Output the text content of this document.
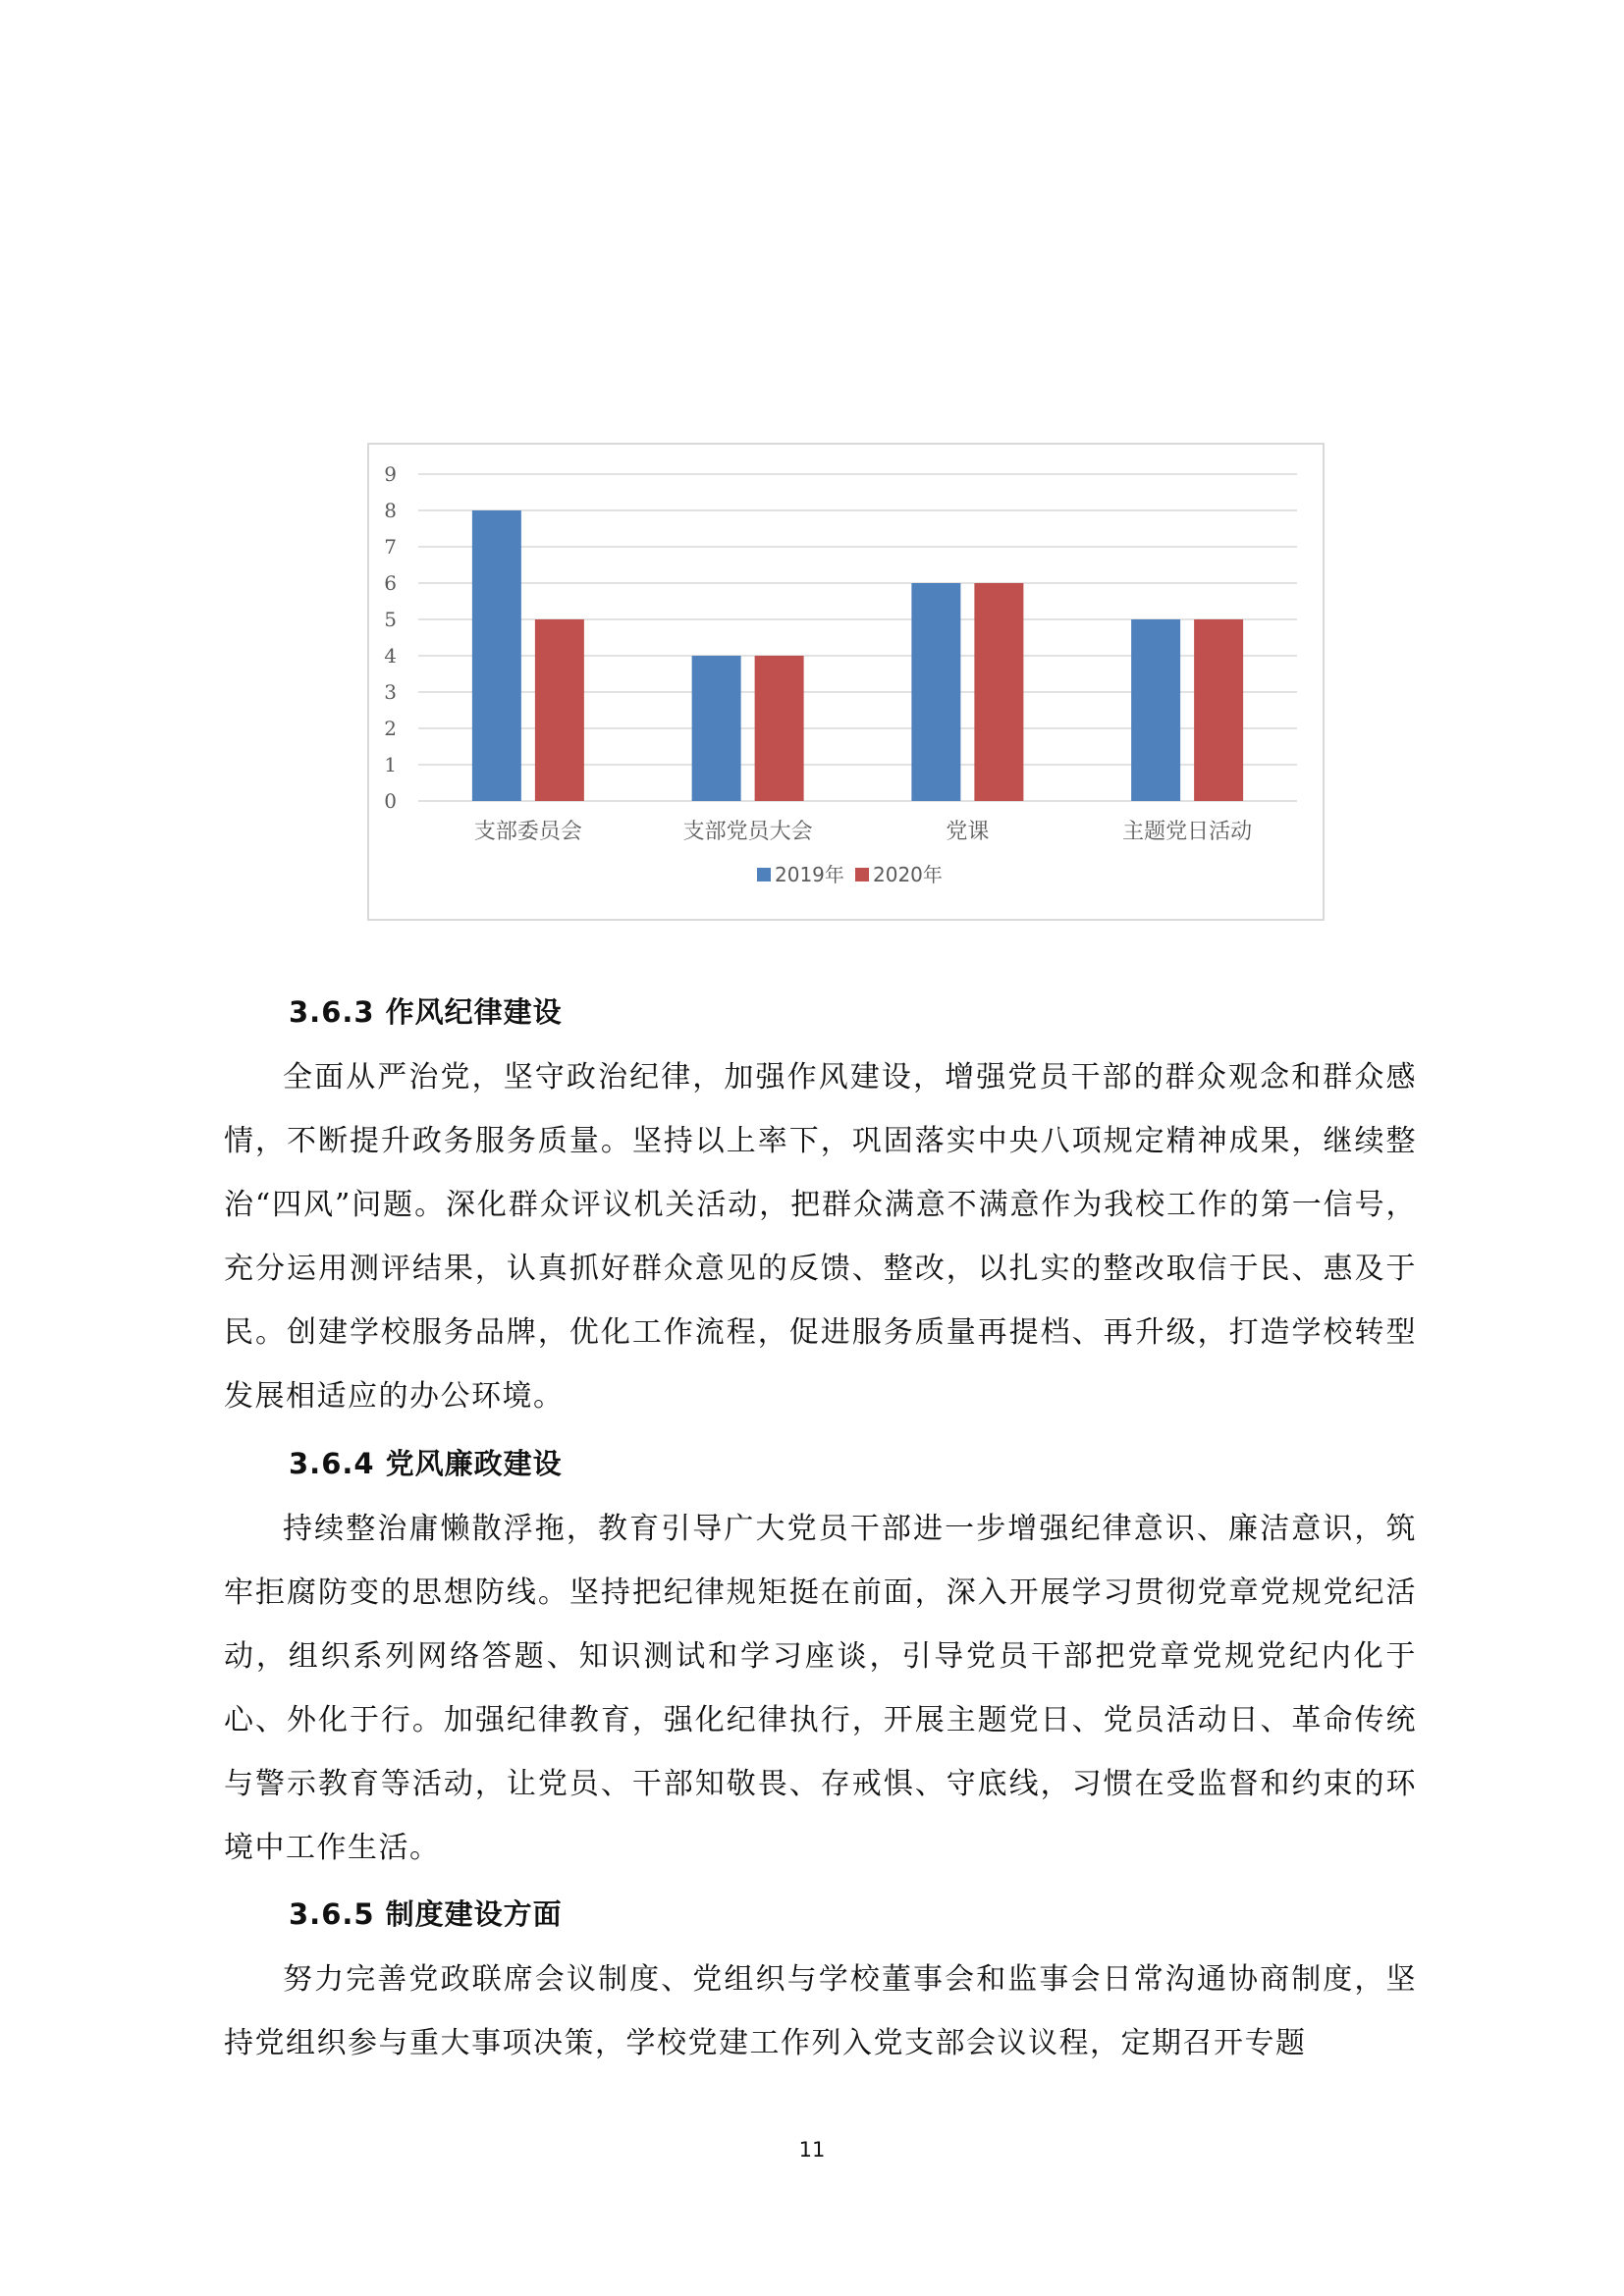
0
1
2
3
4
5
6
7
8
9
支部委员会	支部党员大会	党课	主题党日活动
2019年 2020年
3.6.3 作风纪律建设
全面从严治党，坚守政治纪律，加强作风建设，增强党员干部的群众观念和群众感情，不断提升政务服务质量。坚持以上率下，巩固落实中央八项规定精神成果，继续整治“四风”问题。深化群众评议机关活动，把群众满意不满意作为我校工作的第一信号，充分运用测评结果，认真抓好群众意见的反馈、整改，以扎实的整改取信于民、惠及于民。创建学校服务品牌，优化工作流程，促进服务质量再提档、再升级，打造学校转型发展相适应的办公环境。
3.6.4 党风廉政建设
持续整治庸懒散浮拖，教育引导广大党员干部进一步增强纪律意识、廉洁意识，筑牢拒腐防变的思想防线。坚持把纪律规矩挺在前面，深入开展学习贯彻党章党规党纪活动，组织系列网络答题、知识测试和学习座谈，引导党员干部把党章党规党纪内化于心、外化于行。加强纪律教育，强化纪律执行，开展主题党日、党员活动日、革命传统与警示教育等活动，让党员、干部知敬畏、存戒惧、守底线，习惯在受监督和约束的环境中工作生活。
3.6.5 制度建设方面
努力完善党政联席会议制度、党组织与学校董事会和监事会日常沟通协商制度，坚持党组织参与重大事项决策，学校党建工作列入党支部会议议程，定期召开专题
11
